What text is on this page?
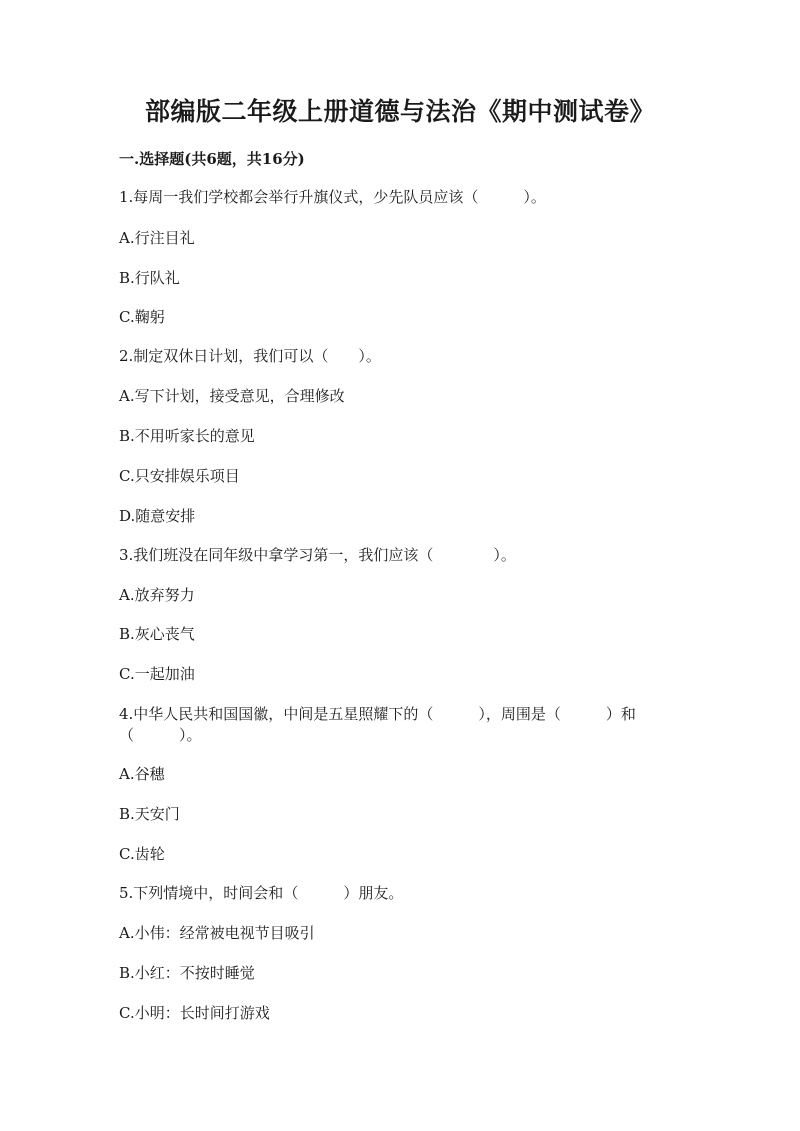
部编版二年级上册道德与法治《期中测试卷》
一.选择题(共6题，共16分)
1.每周一我们学校都会举行升旗仪式，少先队员应该（　　　）。
A.行注目礼
B.行队礼
C.鞠躬
2.制定双休日计划，我们可以（　　）。
A.写下计划，接受意见，合理修改
B.不用听家长的意见
C.只安排娱乐项目
D.随意安排
3.我们班没在同年级中拿学习第一，我们应该（　　　　）。
A.放弃努力
B.灰心丧气
C.一起加油
4.中华人民共和国国徽，中间是五星照耀下的（　　　），周围是（　　　）和
（　　　）。
A.谷穗
B.天安门
C.齿轮
5.下列情境中，时间会和（　　　）朋友。
A.小伟：经常被电视节目吸引
B.小红：不按时睡觉
C.小明：长时间打游戏
